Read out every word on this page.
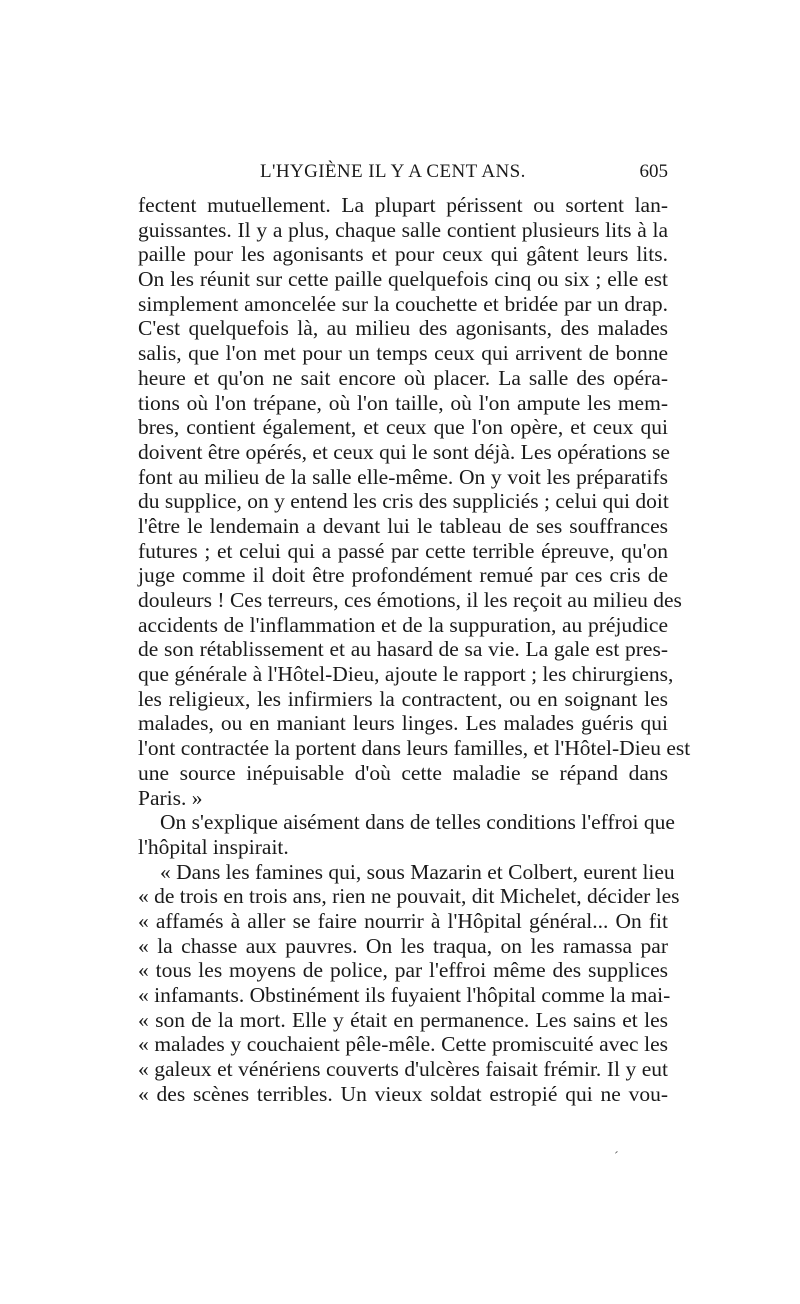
L'HYGIÈNE IL Y A CENT ANS.	605
fectent mutuellement. La plupart périssent ou sortent lan-
guissantes. Il y a plus, chaque salle contient plusieurs lits à la
paille pour les agonisants et pour ceux qui gâtent leurs lits.
On les réunit sur cette paille quelquefois cinq ou six ; elle est
simplement amoncelée sur la couchette et bridée par un drap.
C'est quelquefois là, au milieu des agonisants, des malades
salis, que l'on met pour un temps ceux qui arrivent de bonne
heure et qu'on ne sait encore où placer. La salle des opéra-
tions où l'on trépane, où l'on taille, où l'on ampute les mem-
bres, contient également, et ceux que l'on opère, et ceux qui
doivent être opérés, et ceux qui le sont déjà. Les opérations se
font au milieu de la salle elle-même. On y voit les préparatifs
du supplice, on y entend les cris des suppliciés ; celui qui doit
l'être le lendemain a devant lui le tableau de ses souffrances
futures ; et celui qui a passé par cette terrible épreuve, qu'on
juge comme il doit être profondément remué par ces cris de
douleurs ! Ces terreurs, ces émotions, il les reçoit au milieu des
accidents de l'inflammation et de la suppuration, au préjudice
de son rétablissement et au hasard de sa vie. La gale est pres-
que générale à l'Hôtel-Dieu, ajoute le rapport ; les chirurgiens,
les religieux, les infirmiers la contractent, ou en soignant les
malades, ou en maniant leurs linges. Les malades guéris qui
l'ont contractée la portent dans leurs familles, et l'Hôtel-Dieu est
une source inépuisable d'où cette maladie se répand dans
Paris. »
On s'explique aisément dans de telles conditions l'effroi que
l'hôpital inspirait.
« Dans les famines qui, sous Mazarin et Colbert, eurent lieu
« de trois en trois ans, rien ne pouvait, dit Michelet, décider les
« affamés à aller se faire nourrir à l'Hôpital général... On fit
« la chasse aux pauvres. On les traqua, on les ramassa par
« tous les moyens de police, par l'effroi même des supplices
« infamants. Obstinément ils fuyaient l'hôpital comme la mai-
« son de la mort. Elle y était en permanence. Les sains et les
« malades y couchaient pêle-mêle. Cette promiscuité avec les
« galeux et vénériens couverts d'ulcères faisait frémir. Il y eut
« des scènes terribles. Un vieux soldat estropié qui ne vou-
´
